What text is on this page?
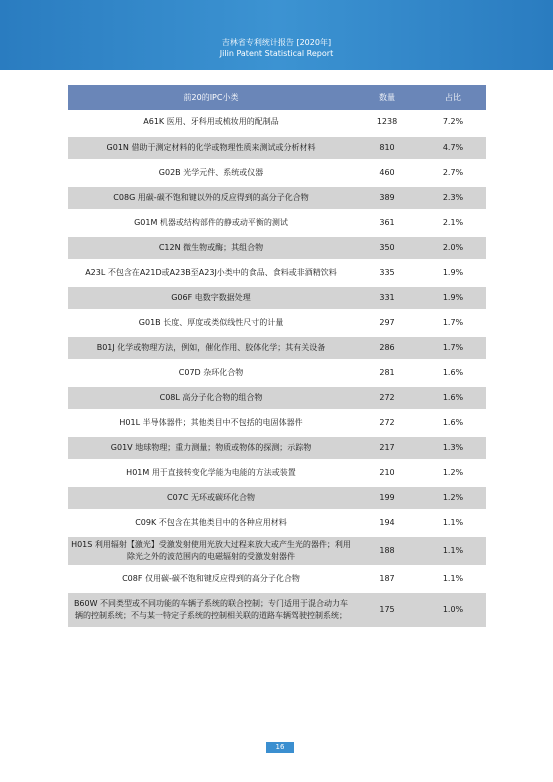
吉林省专利统计报告 [2020年]
Jilin Patent Statistical Report
前20的IPC小类	数量	占比
A61K 医用、牙科用或梳妆用的配制品	1238	7.2%
G01N 借助于测定材料的化学或物理性质来测试或分析材料	810	4.7%
G02B 光学元件、系统或仪器	460	2.7%
C08G 用碳-碳不饱和键以外的反应得到的高分子化合物	389	2.3%
G01M 机器或结构部件的静或动平衡的测试	361	2.1%
C12N 微生物或酶；其组合物	350	2.0%
A23L 不包含在A21D或A23B至A23J小类中的食品、食料或非酒精饮料	335	1.9%
G06F 电数字数据处理	331	1.9%
G01B 长度、厚度或类似线性尺寸的计量	297	1.7%
B01J 化学或物理方法，例如，催化作用、胶体化学；其有关设备	286	1.7%
C07D 杂环化合物	281	1.6%
C08L 高分子化合物的组合物	272	1.6%
H01L 半导体器件；其他类目中不包括的电固体器件	272	1.6%
G01V 地球物理；重力测量；物质或物体的探测；示踪物	217	1.3%
H01M 用于直接转变化学能为电能的方法或装置	210	1.2%
C07C 无环或碳环化合物	199	1.2%
C09K 不包含在其他类目中的各种应用材料	194	1.1%
H01S 利用辐射【激光】受激发射使用光放大过程来放大或产生光的器件；利用除光之外的波范围内的电磁辐射的受激发射器件	188	1.1%
C08F 仅用碳-碳不饱和键反应得到的高分子化合物	187	1.1%
B60W 不同类型或不同功能的车辆子系统的联合控制；专门适用于混合动力车辆的控制系统；不与某一特定子系统的控制相关联的道路车辆驾驶控制系统；	175	1.0%
16
